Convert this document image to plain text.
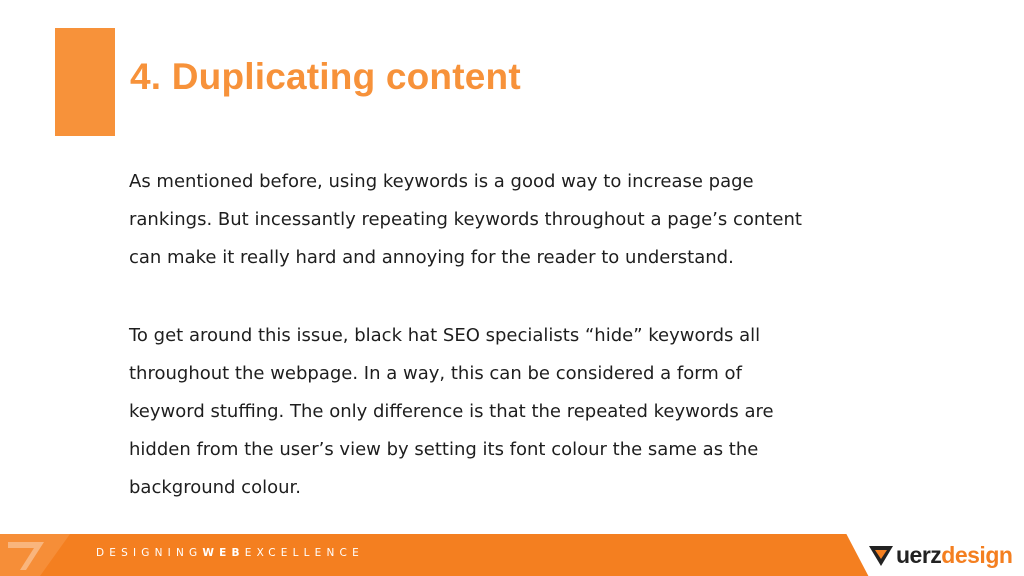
4. Duplicating content

As mentioned before, using keywords is a good way to increase page
rankings. But incessantly repeating keywords throughout a page’s content
can make it really hard and annoying for the reader to understand.

To get around this issue, black hat SEO specialists “hide” keywords all
throughout the webpage. In a way, this can be considered a form of
keyword stuffing. The only difference is that the repeated keywords are
hidden from the user’s view by setting its font colour the same as the
background colour.

DESIGNINGWEBEXCELLENCE	uerzdesign
